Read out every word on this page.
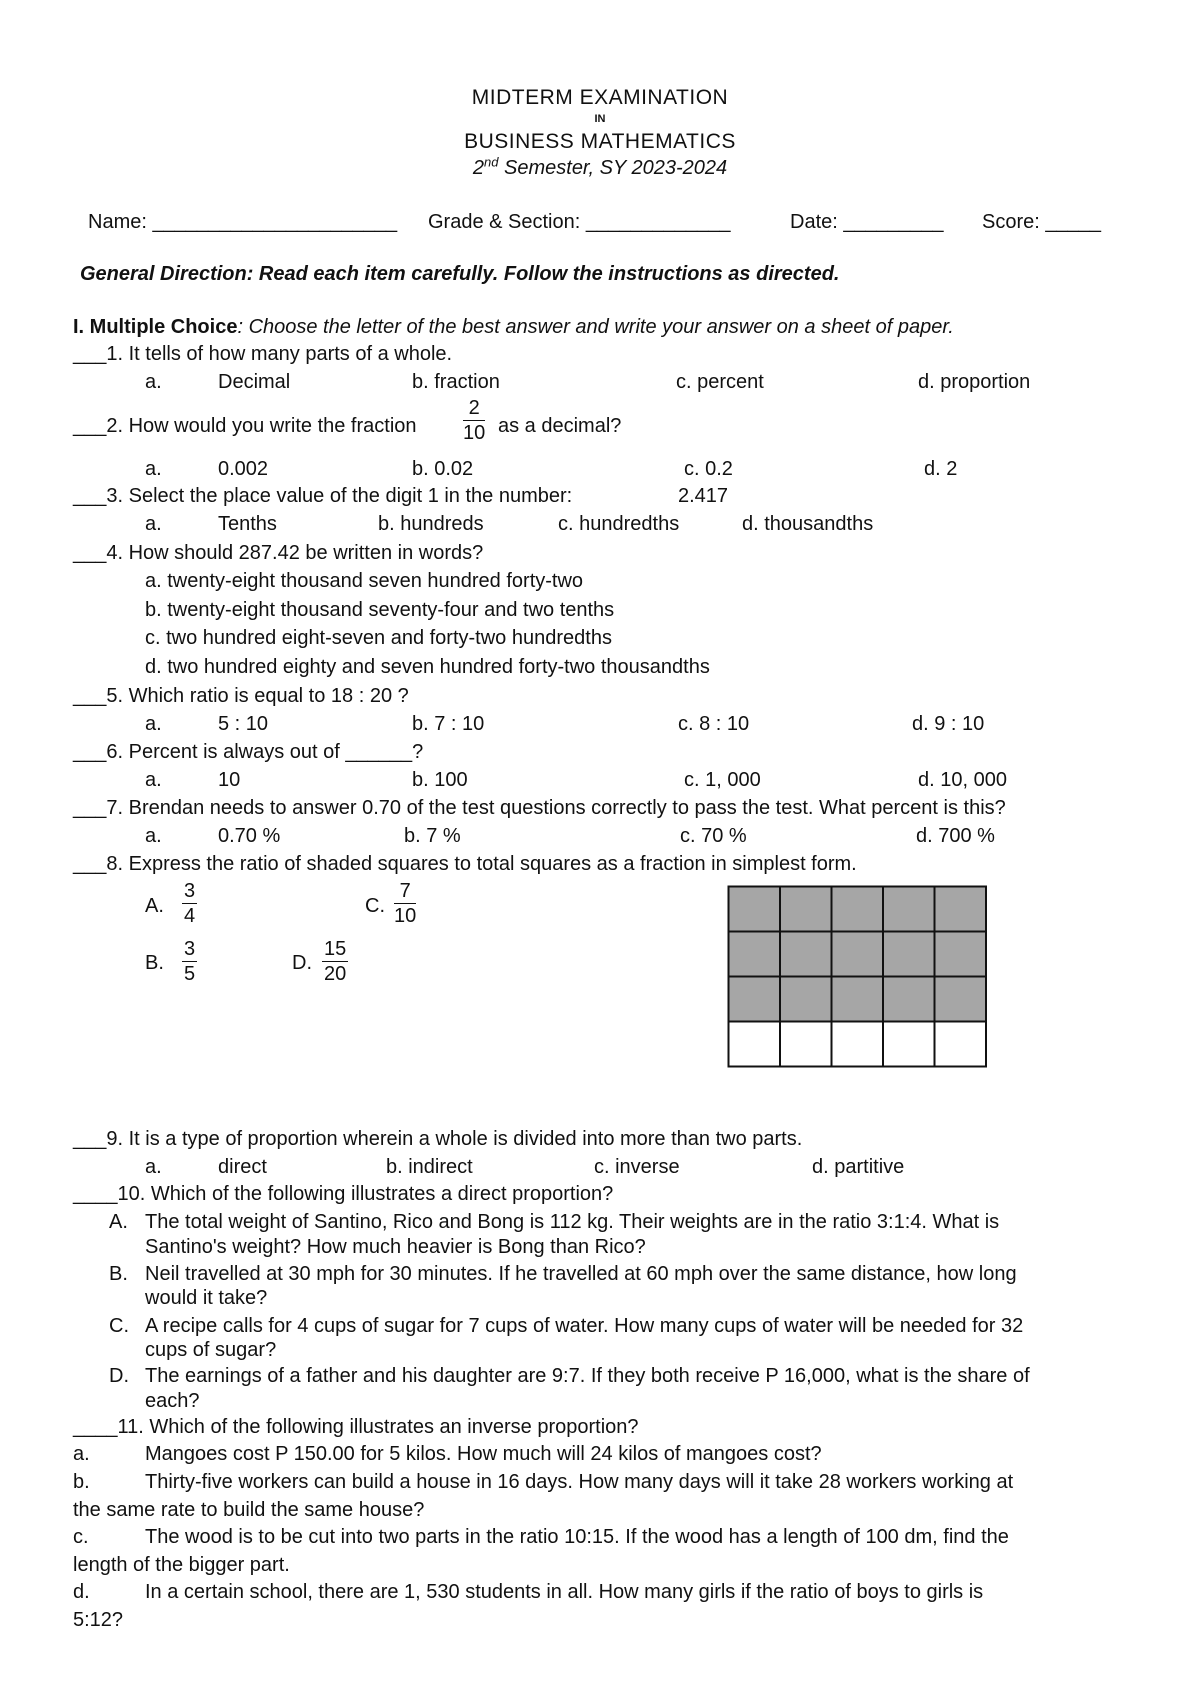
MIDTERM EXAMINATION
IN
BUSINESS MATHEMATICS
2nd Semester, SY 2023-2024
Name: ______________________ Grade & Section: _____________	Date: _________ Score: _____
General Direction: Read each item carefully. Follow the instructions as directed.
I. Multiple Choice: Choose the letter of the best answer and write your answer on a sheet of paper.
___1. It tells of how many parts of a whole.
a.	Decimal	b. fraction	c. percent	d. proportion
___2. How would you write the fraction $\frac{2}{10}$ as a decimal?
a.	0.002	b. 0.02	c. 0.2	d. 2
___3. Select the place value of the digit 1 in the number:	2.417
a.	Tenths	b. hundreds	c. hundredths	d. thousandths
___4. How should 287.42 be written in words?
a. twenty-eight thousand seven hundred forty-two
b. twenty-eight thousand seventy-four and two tenths
c. two hundred eight-seven and forty-two hundredths
d. two hundred eighty and seven hundred forty-two thousandths
___5. Which ratio is equal to 18 : 20 ?
a.	5 : 10	b. 7 : 10	c. 8 : 10	d. 9 : 10
___6. Percent is always out of ______?
a.	10	b. 100	c. 1, 000	d. 10, 000
___7. Brendan needs to answer 0.70 of the test questions correctly to pass the test. What percent is this?
a.	0.70 %	b. 7 %	c. 70 %	d. 700 %
___8. Express the ratio of shaded squares to total squares as a fraction in simplest form.
A. $\frac{3}{4}$	C. $\frac{7}{10}$
B. $\frac{3}{5}$	D. $\frac{15}{20}$
___9. It is a type of proportion wherein a whole is divided into more than two parts.
a.	direct	b. indirect	c. inverse	d. partitive
____10. Which of the following illustrates a direct proportion?
A. The total weight of Santino, Rico and Bong is 112 kg. Their weights are in the ratio 3:1:4. What is
Santino's weight? How much heavier is Bong than Rico?
B. Neil travelled at 30 mph for 30 minutes. If he travelled at 60 mph over the same distance, how long
would it take?
C. A recipe calls for 4 cups of sugar for 7 cups of water. How many cups of water will be needed for 32
cups of sugar?
D. The earnings of a father and his daughter are 9:7. If they both receive P 16,000, what is the share of
each?
____11. Which of the following illustrates an inverse proportion?
a.	Mangoes cost P 150.00 for 5 kilos. How much will 24 kilos of mangoes cost?
b.	Thirty-five workers can build a house in 16 days. How many days will it take 28 workers working at
the same rate to build the same house?
c.	The wood is to be cut into two parts in the ratio 10:15. If the wood has a length of 100 dm, find the
length of the bigger part.
d.	In a certain school, there are 1, 530 students in all. How many girls if the ratio of boys to girls is
5:12?
